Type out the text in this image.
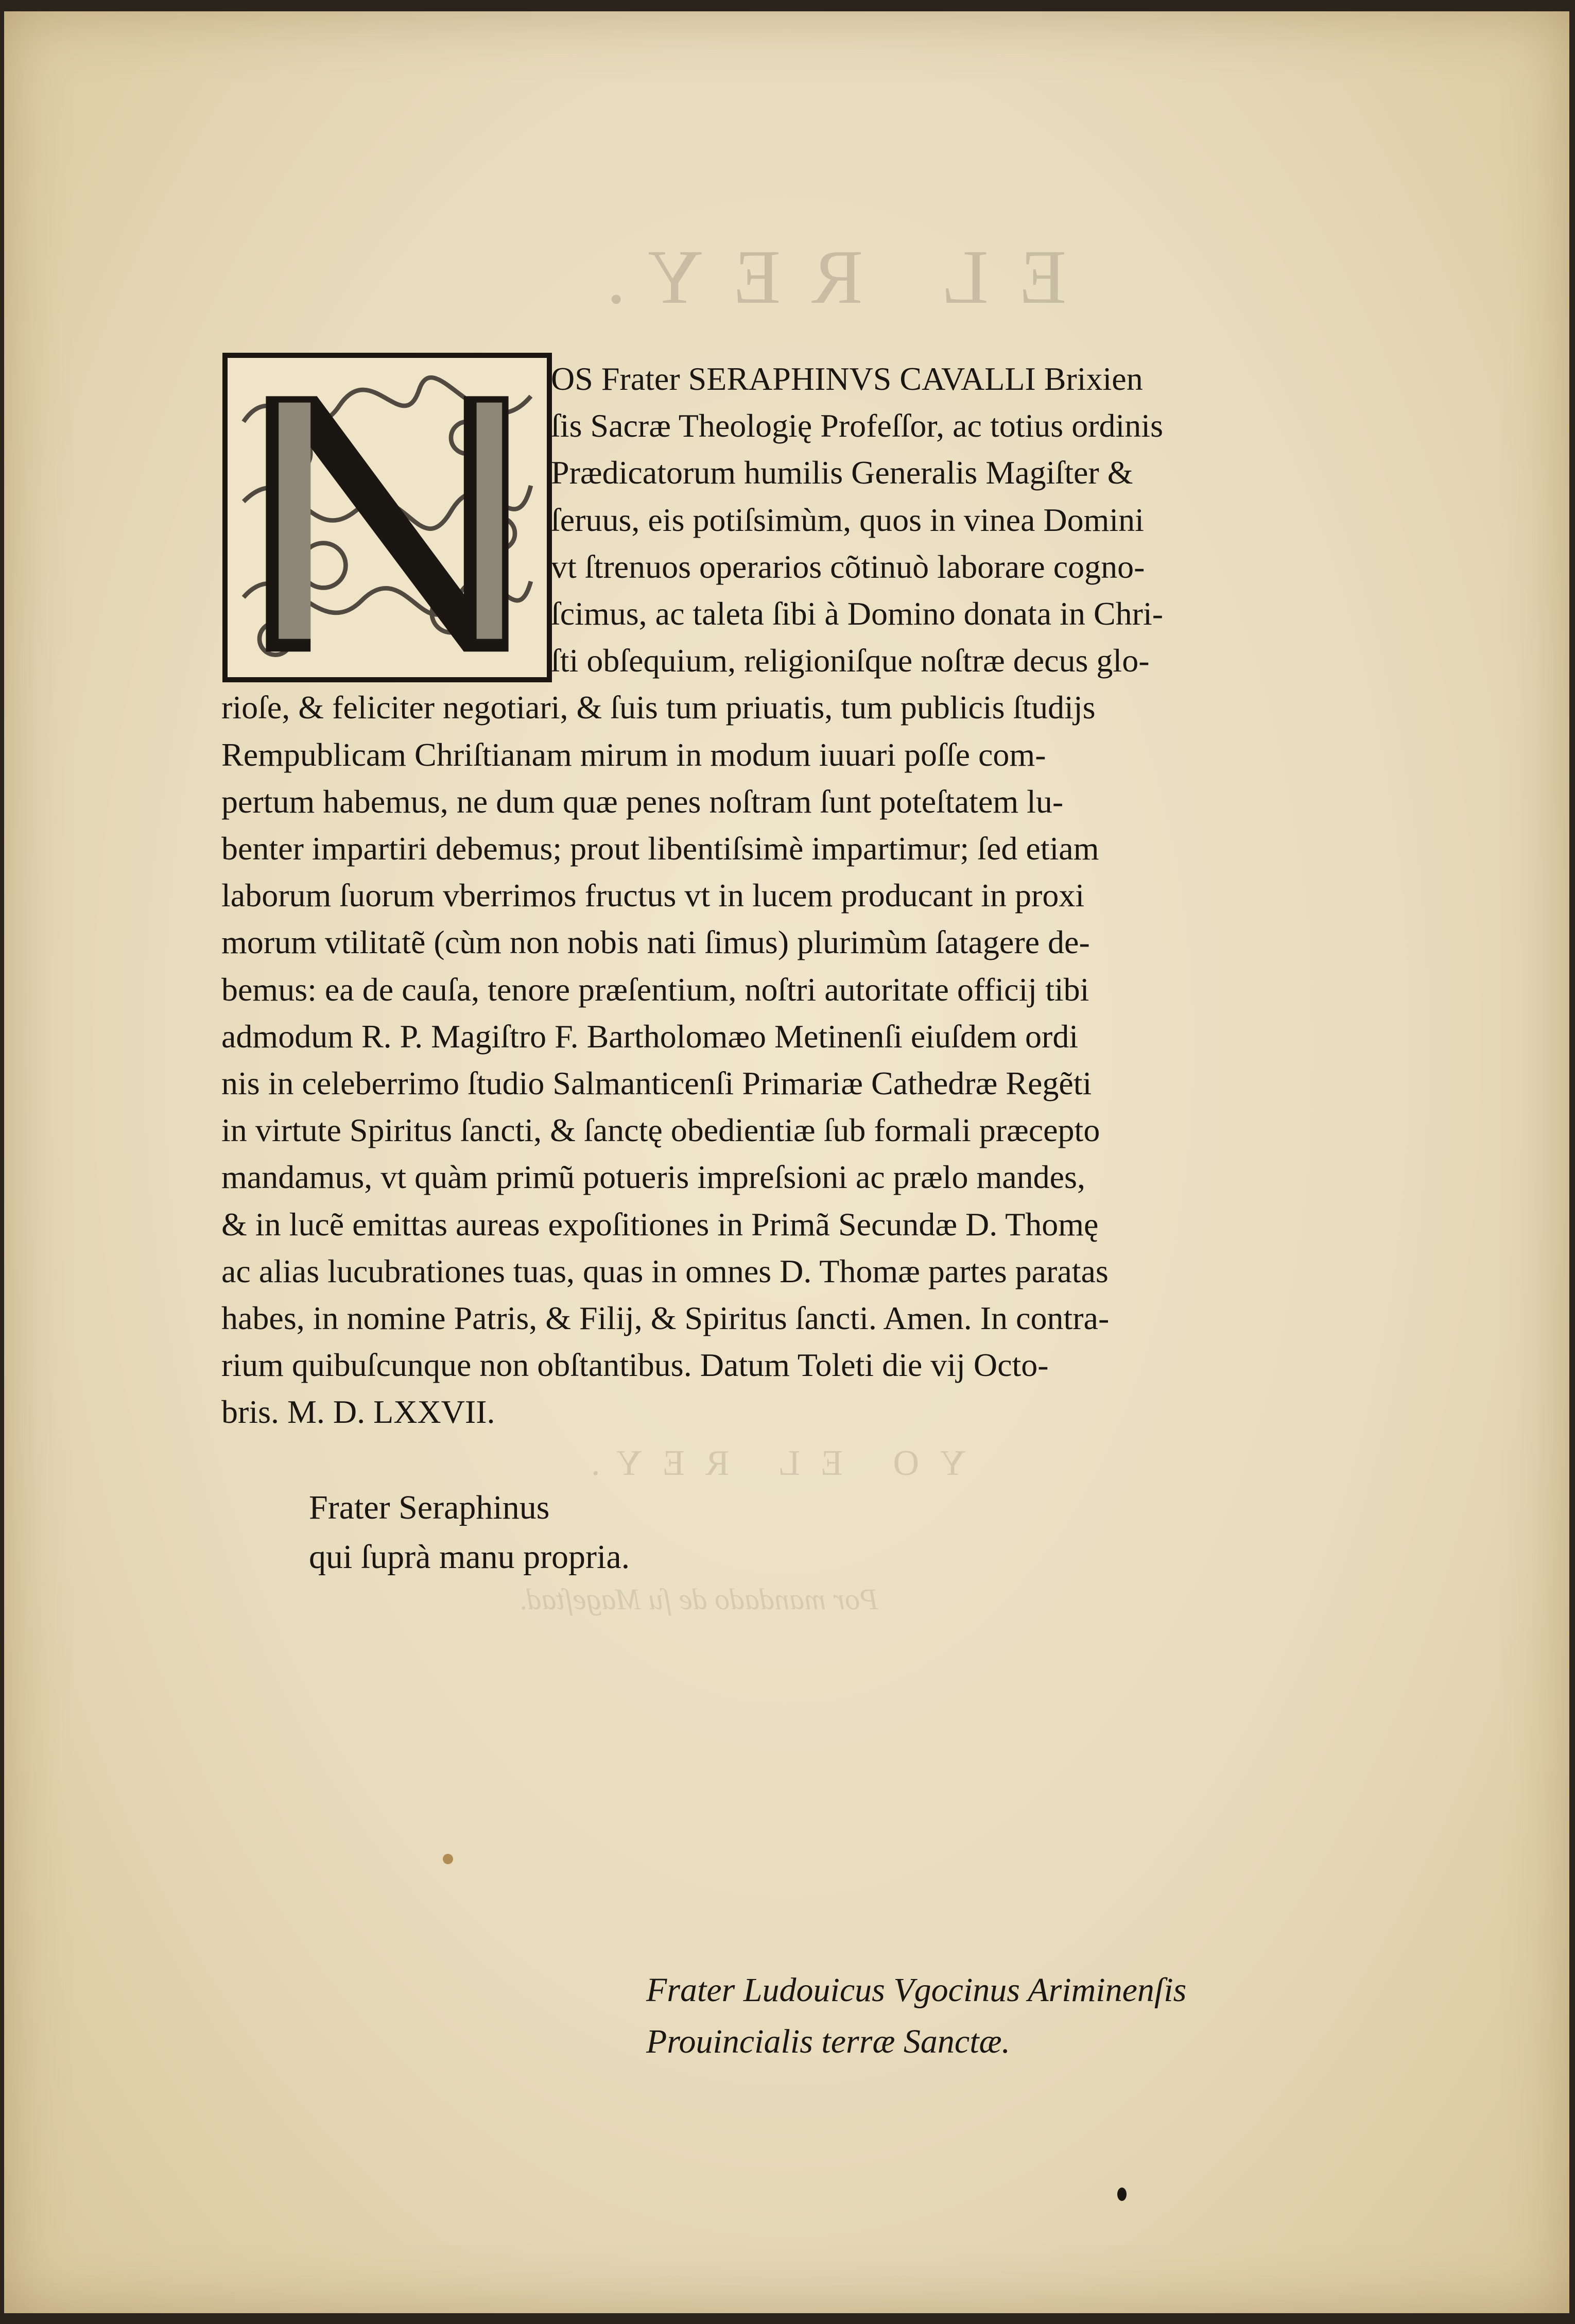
EL REY.
YO EL REY.
Por mandado de ſu Mageſtad.
OS Frater SERAPHINVS CAVALLI Brixien
ſis Sacræ Theologię Profeſſor, ac totius ordinis
Prædicatorum humilis Generalis Magiſter &
ſeruus, eis potiſsimùm, quos in vinea Domini
vt ſtrenuos operarios cõtinuò laborare cogno-
ſcimus, ac taleta ſibi à Domino donata in Chri-
ſti obſequium, religioniſque noſtræ decus glo-
rioſe, & feliciter negotiari, & ſuis tum priuatis, tum publicis ſtudijs
Rempublicam Chriſtianam mirum in modum iuuari poſſe com-
pertum habemus, ne dum quæ penes noſtram ſunt poteſtatem lu-
benter impartiri debemus; prout libentiſsimè impartimur; ſed etiam
laborum ſuorum vberrimos fructus vt in lucem producant in proxi
morum vtilitatẽ (cùm non nobis nati ſimus) plurimùm ſatagere de-
bemus: ea de cauſa, tenore præſentium, noſtri autoritate officij tibi
admodum R. P. Magiſtro F. Bartholomæo Metinenſi eiuſdem ordi
nis in celeberrimo ſtudio Salmanticenſi Primariæ Cathedræ Regẽti
in virtute Spiritus ſancti, & ſanctę obedientiæ ſub formali præcepto
mandamus, vt quàm primũ potueris impreſsioni ac prælo mandes,
& in lucẽ emittas aureas expoſitiones in Primã Secundæ D. Thomę
ac alias lucubrationes tuas, quas in omnes D. Thomæ partes paratas
habes, in nomine Patris, & Filij, & Spiritus ſancti. Amen. In contra-
rium quibuſcunque non obſtantibus. Datum Toleti die vij Octo-
bris. M. D. LXXVII.
Frater Seraphinus
qui ſuprà manu propria.
Frater Ludouicus Vgocinus Ariminenſis
Prouincialis terræ Sanctæ.
